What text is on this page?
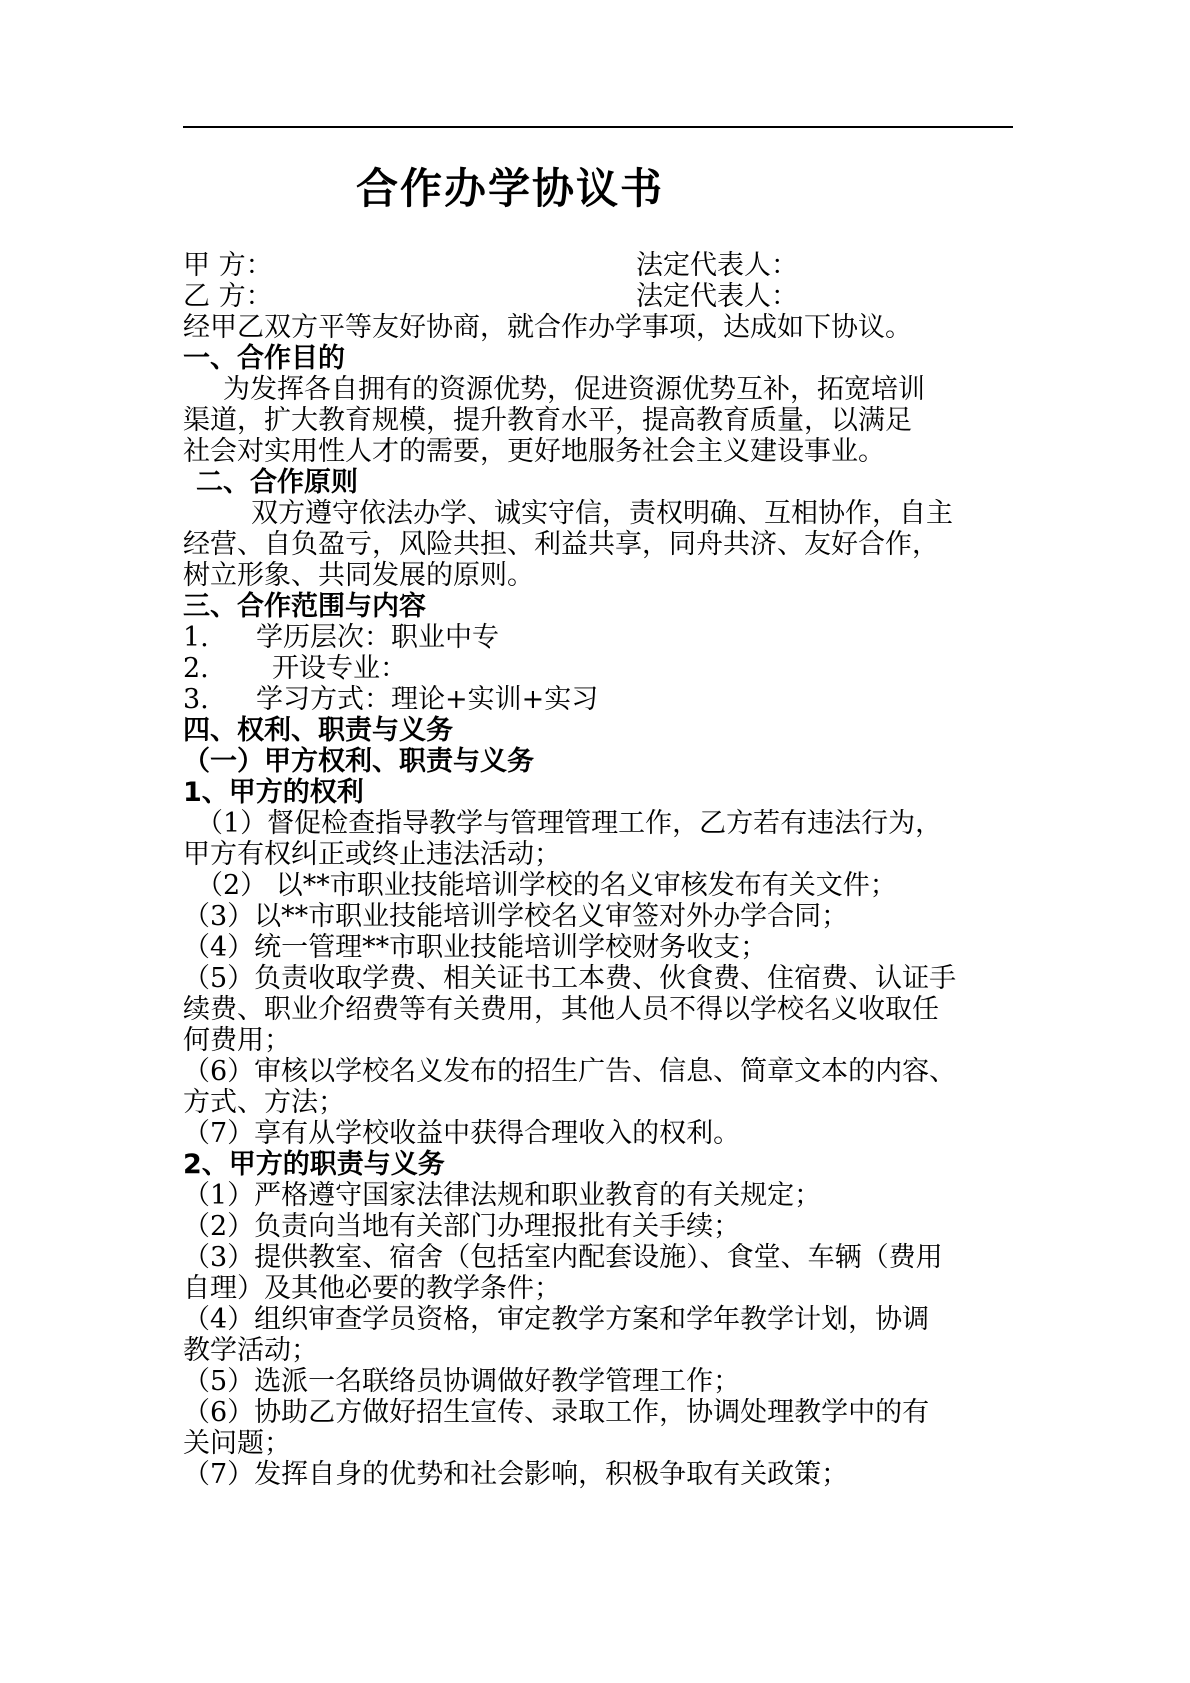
合作办学协议书
甲 方：	法定代表人：
乙 方：	法定代表人：
经甲乙双方平等友好协商，就合作办学事项，达成如下协议。
一、合作目的
为发挥各自拥有的资源优势，促进资源优势互补，拓宽培训
渠道，扩大教育规模，提升教育水平，提高教育质量，以满足
社会对实用性人才的需要，更好地服务社会主义建设事业。
二、合作原则
双方遵守依法办学、诚实守信，责权明确、互相协作，自主
经营、自负盈亏，风险共担、利益共享，同舟共济、友好合作，
树立形象、共同发展的原则。
三、合作范围与内容
1. 学历层次：职业中专
2. 开设专业：
3. 学习方式：理论+实训+实习
四、权利、职责与义务
（一）甲方权利、职责与义务
1、甲方的权利
（1）督促检查指导教学与管理管理工作，乙方若有违法行为，
甲方有权纠正或终止违法活动；
（2） 以**市职业技能培训学校的名义审核发布有关文件；
（3）以**市职业技能培训学校名义审签对外办学合同；
（4）统一管理**市职业技能培训学校财务收支；
（5）负责收取学费、相关证书工本费、伙食费、住宿费、认证手
续费、职业介绍费等有关费用，其他人员不得以学校名义收取任
何费用；
（6）审核以学校名义发布的招生广告、信息、简章文本的内容、
方式、方法；
（7）享有从学校收益中获得合理收入的权利。
2、甲方的职责与义务
（1）严格遵守国家法律法规和职业教育的有关规定；
（2）负责向当地有关部门办理报批有关手续；
（3）提供教室、宿舍（包括室内配套设施）、食堂、车辆（费用
自理）及其他必要的教学条件；
（4）组织审查学员资格，审定教学方案和学年教学计划，协调
教学活动；
（5）选派一名联络员协调做好教学管理工作；
（6）协助乙方做好招生宣传、录取工作，协调处理教学中的有
关问题；
（7）发挥自身的优势和社会影响，积极争取有关政策；
